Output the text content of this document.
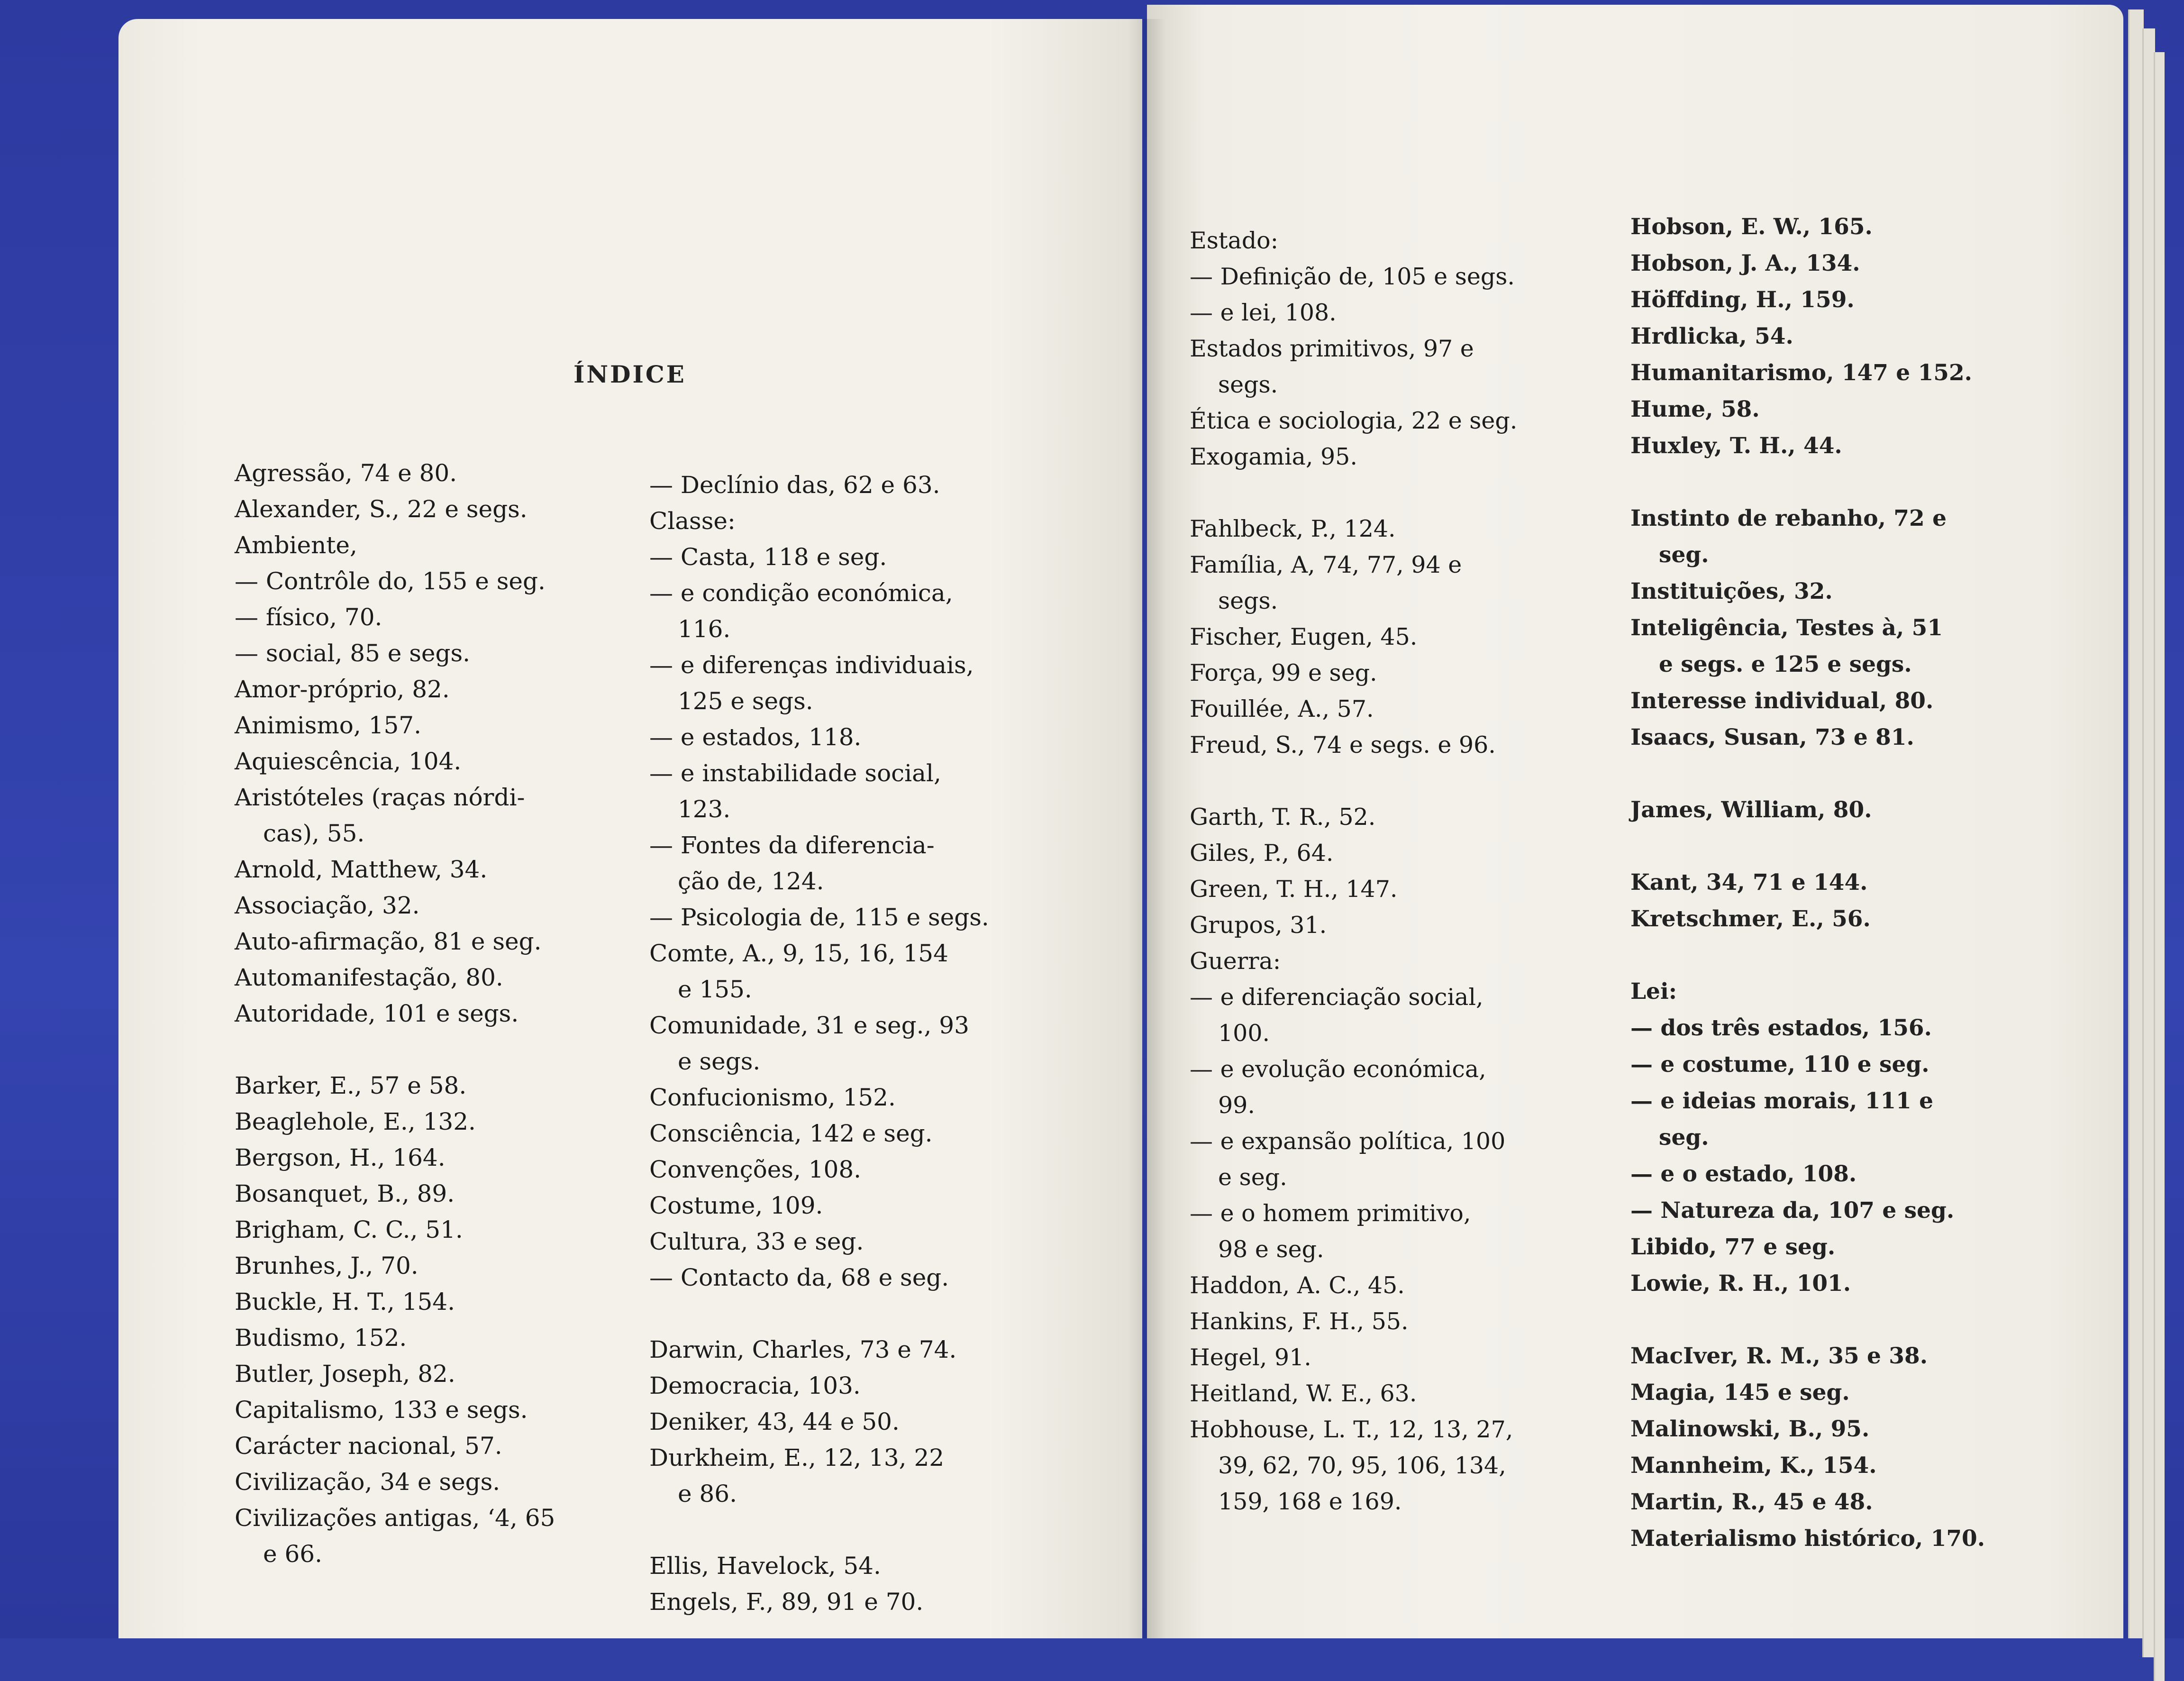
ÍNDICE
Agressão, 74 e 80.
Alexander, S., 22 e segs.
Ambiente,
— Contrôle do, 155 e seg.
— físico, 70.
— social, 85 e segs.
Amor-próprio, 82.
Animismo, 157.
Aquiescência, 104.
Aristóteles (raças nórdi-
cas), 55.
Arnold, Matthew, 34.
Associação, 32.
Auto-afirmação, 81 e seg.
Automanifestação, 80.
Autoridade, 101 e segs.
Barker, E., 57 e 58.
Beaglehole, E., 132.
Bergson, H., 164.
Bosanquet, B., 89.
Brigham, C. C., 51.
Brunhes, J., 70.
Buckle, H. T., 154.
Budismo, 152.
Butler, Joseph, 82.
Capitalismo, 133 e segs.
Carácter nacional, 57.
Civilização, 34 e segs.
Civilizações antigas, ‘4, 65
e 66.
— Declínio das, 62 e 63.
Classe:
— Casta, 118 e seg.
— e condição económica,
116.
— e diferenças individuais,
125 e segs.
— e estados, 118.
— e instabilidade social,
123.
— Fontes da diferencia-
ção de, 124.
— Psicologia de, 115 e segs.
Comte, A., 9, 15, 16, 154
e 155.
Comunidade, 31 e seg., 93
e segs.
Confucionismo, 152.
Consciência, 142 e seg.
Convenções, 108.
Costume, 109.
Cultura, 33 e seg.
— Contacto da, 68 e seg.
Darwin, Charles, 73 e 74.
Democracia, 103.
Deniker, 43, 44 e 50.
Durkheim, E., 12, 13, 22
e 86.
Ellis, Havelock, 54.
Engels, F., 89, 91 e 70.
Estado:
— Definição de, 105 e segs.
— e lei, 108.
Estados primitivos, 97 e
segs.
Ética e sociologia, 22 e seg.
Exogamia, 95.
Fahlbeck, P., 124.
Família, A, 74, 77, 94 e
segs.
Fischer, Eugen, 45.
Força, 99 e seg.
Fouillée, A., 57.
Freud, S., 74 e segs. e 96.
Garth, T. R., 52.
Giles, P., 64.
Green, T. H., 147.
Grupos, 31.
Guerra:
— e diferenciação social,
100.
— e evolução económica,
99.
— e expansão política, 100
e seg.
— e o homem primitivo,
98 e seg.
Haddon, A. C., 45.
Hankins, F. H., 55.
Hegel, 91.
Heitland, W. E., 63.
Hobhouse, L. T., 12, 13, 27,
39, 62, 70, 95, 106, 134,
159, 168 e 169.
Hobson, E. W., 165.
Hobson, J. A., 134.
Höffding, H., 159.
Hrdlicka, 54.
Humanitarismo, 147 e 152.
Hume, 58.
Huxley, T. H., 44.
Instinto de rebanho, 72 e
seg.
Instituições, 32.
Inteligência, Testes à, 51
e segs. e 125 e segs.
Interesse individual, 80.
Isaacs, Susan, 73 e 81.
James, William, 80.
Kant, 34, 71 e 144.
Kretschmer, E., 56.
Lei:
— dos três estados, 156.
— e costume, 110 e seg.
— e ideias morais, 111 e
seg.
— e o estado, 108.
— Natureza da, 107 e seg.
Libido, 77 e seg.
Lowie, R. H., 101.
MacIver, R. M., 35 e 38.
Magia, 145 e seg.
Malinowski, B., 95.
Mannheim, K., 154.
Martin, R., 45 e 48.
Materialismo histórico, 170.
